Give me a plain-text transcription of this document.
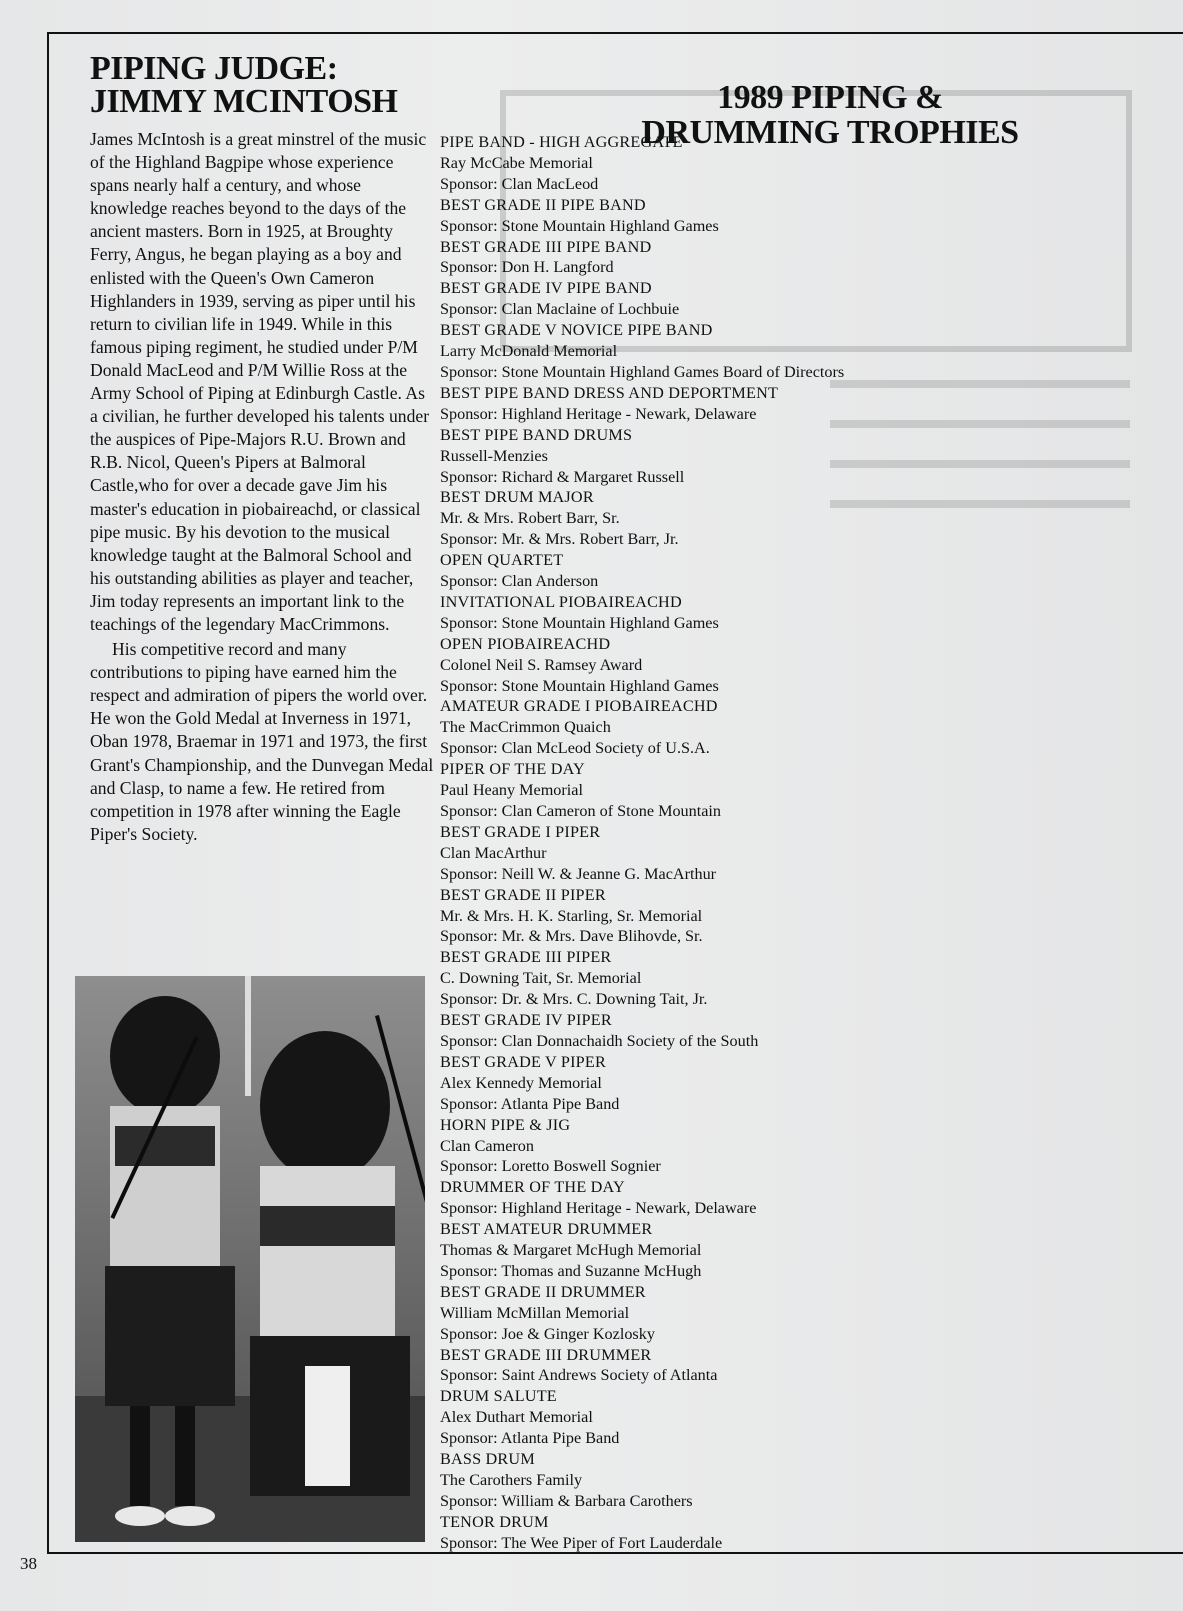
PIPING JUDGE:
JIMMY MCINTOSH

James McIntosh is a great minstrel of the music of the Highland Bagpipe whose experience spans nearly half a century, and whose knowledge reaches beyond to the days of the ancient masters. Born in 1925, at Broughty Ferry, Angus, he began playing as a boy and enlisted with the Queen's Own Cameron Highlanders in 1939, serving as piper until his return to civilian life in 1949. While in this famous piping regiment, he studied under P/M Donald MacLeod and P/M Willie Ross at the Army School of Piping at Edinburgh Castle. As a civilian, he further developed his talents under the auspices of Pipe-Majors R.U. Brown and R.B. Nicol, Queen's Pipers at Balmoral Castle,who for over a decade gave Jim his master's education in piobaireachd, or classical pipe music. By his devotion to the musical knowledge taught at the Balmoral School and his outstanding abilities as player and teacher, Jim today represents an important link to the teachings of the legendary MacCrimmons.

His competitive record and many contributions to piping have earned him the respect and admiration of pipers the world over. He won the Gold Medal at Inverness in 1971, Oban 1978, Braemar in 1971 and 1973, the first Grant's Championship, and the Dunvegan Medal and Clasp, to name a few. He retired from competition in 1978 after winning the Eagle Piper's Society.

1989 PIPING &
DRUMMING TROPHIES
PIPE BAND - HIGH AGGREGATE
Ray McCabe Memorial
Sponsor: Clan MacLeod
BEST GRADE II PIPE BAND
Sponsor: Stone Mountain Highland Games
BEST GRADE III PIPE BAND
Sponsor: Don H. Langford
BEST GRADE IV PIPE BAND
Sponsor: Clan Maclaine of Lochbuie
BEST GRADE V NOVICE PIPE BAND
Larry McDonald Memorial
Sponsor: Stone Mountain Highland Games Board of Directors
BEST PIPE BAND DRESS AND DEPORTMENT
Sponsor: Highland Heritage - Newark, Delaware
BEST PIPE BAND DRUMS
Russell-Menzies
Sponsor: Richard & Margaret Russell
BEST DRUM MAJOR
Mr. & Mrs. Robert Barr, Sr.
Sponsor: Mr. & Mrs. Robert Barr, Jr.
OPEN QUARTET
Sponsor: Clan Anderson
INVITATIONAL PIOBAIREACHD
Sponsor: Stone Mountain Highland Games
OPEN PIOBAIREACHD
Colonel Neil S. Ramsey Award
Sponsor: Stone Mountain Highland Games
AMATEUR GRADE I PIOBAIREACHD
The MacCrimmon Quaich
Sponsor: Clan McLeod Society of U.S.A.
PIPER OF THE DAY
Paul Heany Memorial
Sponsor: Clan Cameron of Stone Mountain
BEST GRADE I PIPER
Clan MacArthur
Sponsor: Neill W. & Jeanne G. MacArthur
BEST GRADE II PIPER
Mr. & Mrs. H. K. Starling, Sr. Memorial
Sponsor: Mr. & Mrs. Dave Blihovde, Sr.
BEST GRADE III PIPER
C. Downing Tait, Sr. Memorial
Sponsor: Dr. & Mrs. C. Downing Tait, Jr.
BEST GRADE IV PIPER
Sponsor: Clan Donnachaidh Society of the South
BEST GRADE V PIPER
Alex Kennedy Memorial
Sponsor: Atlanta Pipe Band
HORN PIPE & JIG
Clan Cameron
Sponsor: Loretto Boswell Sognier
DRUMMER OF THE DAY
Sponsor: Highland Heritage - Newark, Delaware
BEST AMATEUR DRUMMER
Thomas & Margaret McHugh Memorial
Sponsor: Thomas and Suzanne McHugh
BEST GRADE II DRUMMER
William McMillan Memorial
Sponsor: Joe & Ginger Kozlosky
BEST GRADE III DRUMMER
Sponsor: Saint Andrews Society of Atlanta
DRUM SALUTE
Alex Duthart Memorial
Sponsor: Atlanta Pipe Band
BASS DRUM
The Carothers Family
Sponsor: William & Barbara Carothers
TENOR DRUM
Sponsor: The Wee Piper of Fort Lauderdale
38
